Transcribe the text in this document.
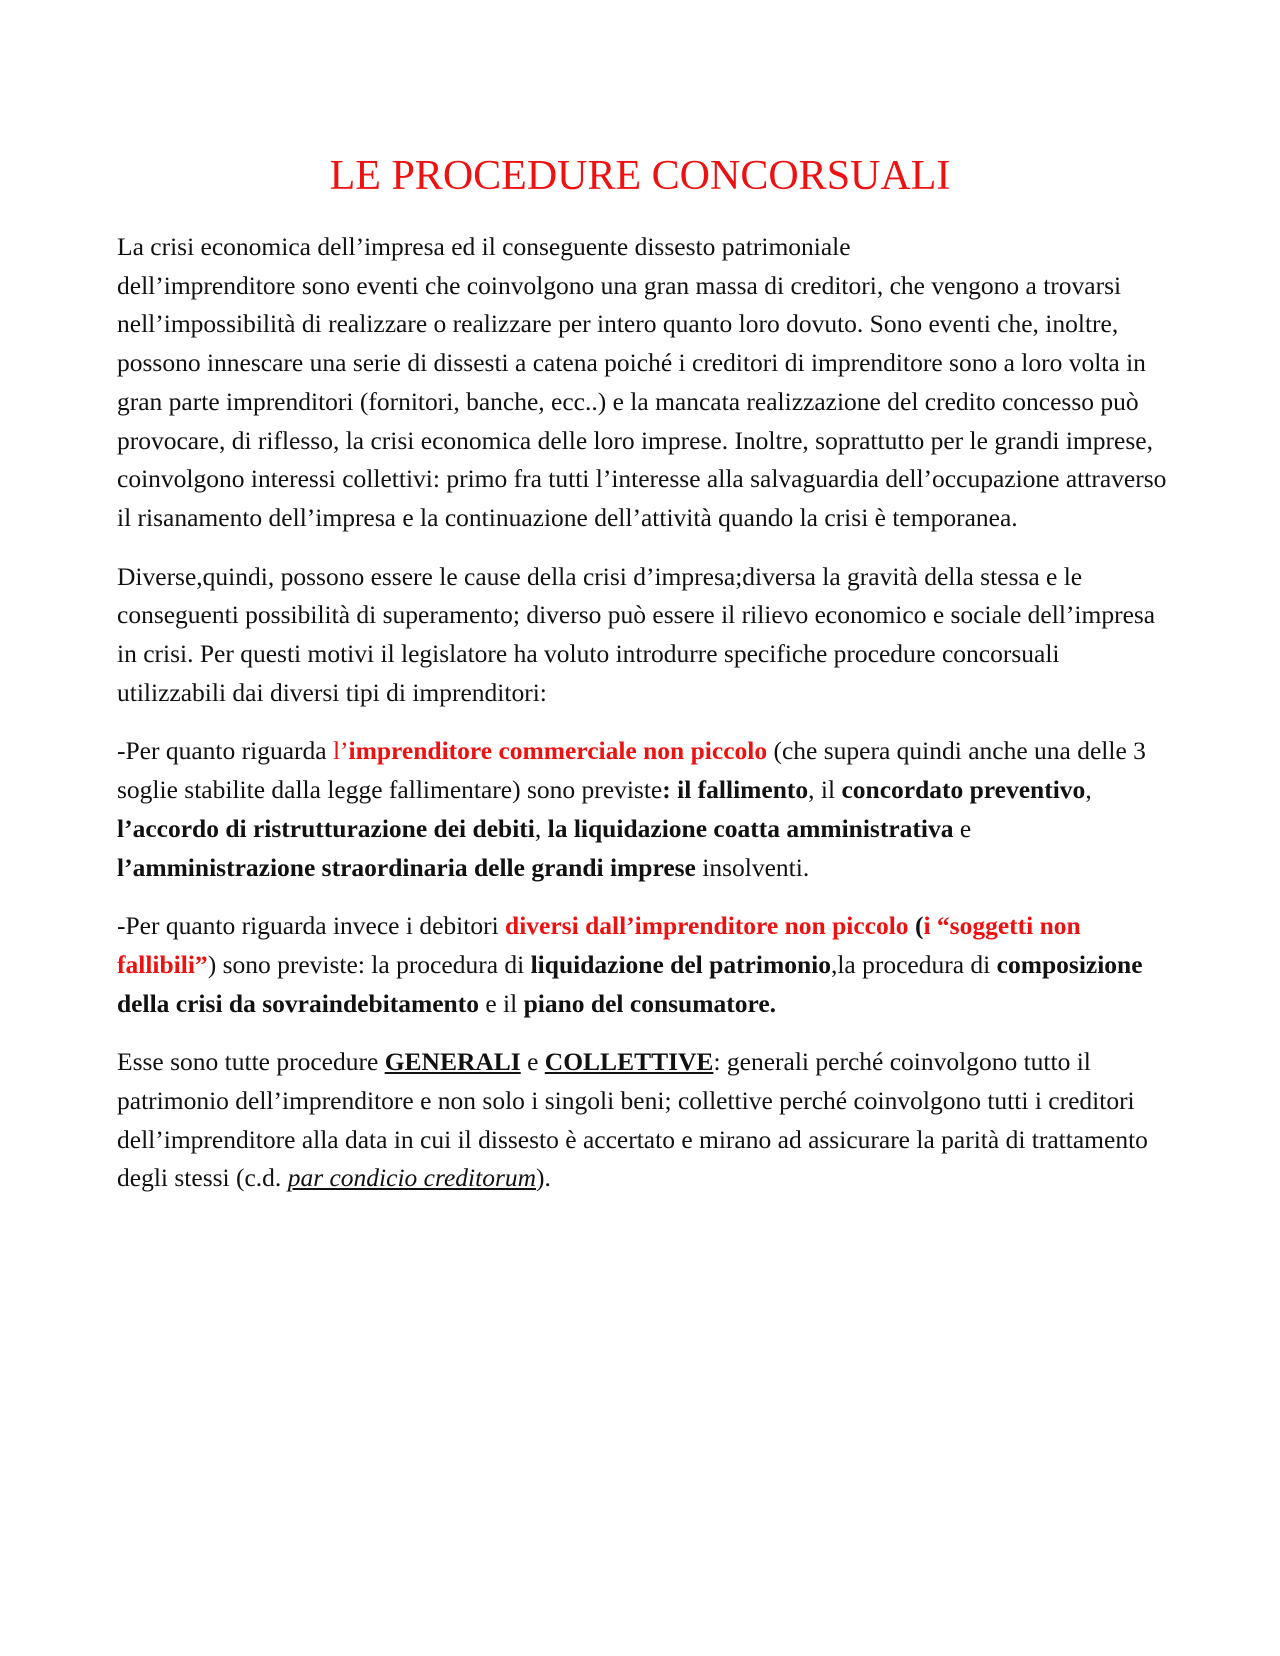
LE PROCEDURE CONCORSUALI

La crisi economica dell’impresa ed il conseguente dissesto patrimoniale
dell’imprenditore sono eventi che coinvolgono una gran massa di creditori, che vengono a trovarsi nell’impossibilità di realizzare o realizzare per intero quanto loro dovuto. Sono eventi che, inoltre, possono innescare una serie di dissesti a catena poiché i creditori di imprenditore sono a loro volta in gran parte imprenditori (fornitori, banche, ecc..) e la mancata realizzazione del credito concesso può provocare, di riflesso, la crisi economica delle loro imprese. Inoltre, soprattutto per le grandi imprese, coinvolgono interessi collettivi: primo fra tutti l’interesse alla salvaguardia dell’occupazione attraverso il risanamento dell’impresa e la continuazione dell’attività quando la crisi è temporanea.

Diverse,quindi, possono essere le cause della crisi d’impresa;diversa la gravità della stessa e le conseguenti possibilità di superamento; diverso può essere il rilievo economico e sociale dell’impresa in crisi. Per questi motivi il legislatore ha voluto introdurre specifiche procedure concorsuali utilizzabili dai diversi tipi di imprenditori:

-Per quanto riguarda l’imprenditore commerciale non piccolo (che supera quindi anche una delle 3 soglie stabilite dalla legge fallimentare) sono previste: il fallimento, il concordato preventivo, l’accordo di ristrutturazione dei debiti, la liquidazione coatta amministrativa e l’amministrazione straordinaria delle grandi imprese insolventi.

-Per quanto riguarda invece i debitori diversi dall’imprenditore non piccolo (i “soggetti non fallibili”) sono previste: la procedura di liquidazione del patrimonio,la procedura di composizione della crisi da sovraindebitamento e il piano del consumatore.

Esse sono tutte procedure GENERALI e COLLETTIVE: generali perché coinvolgono tutto il patrimonio dell’imprenditore e non solo i singoli beni; collettive perché coinvolgono tutti i creditori dell’imprenditore alla data in cui il dissesto è accertato e mirano ad assicurare la parità di trattamento degli stessi (c.d. par condicio creditorum).
